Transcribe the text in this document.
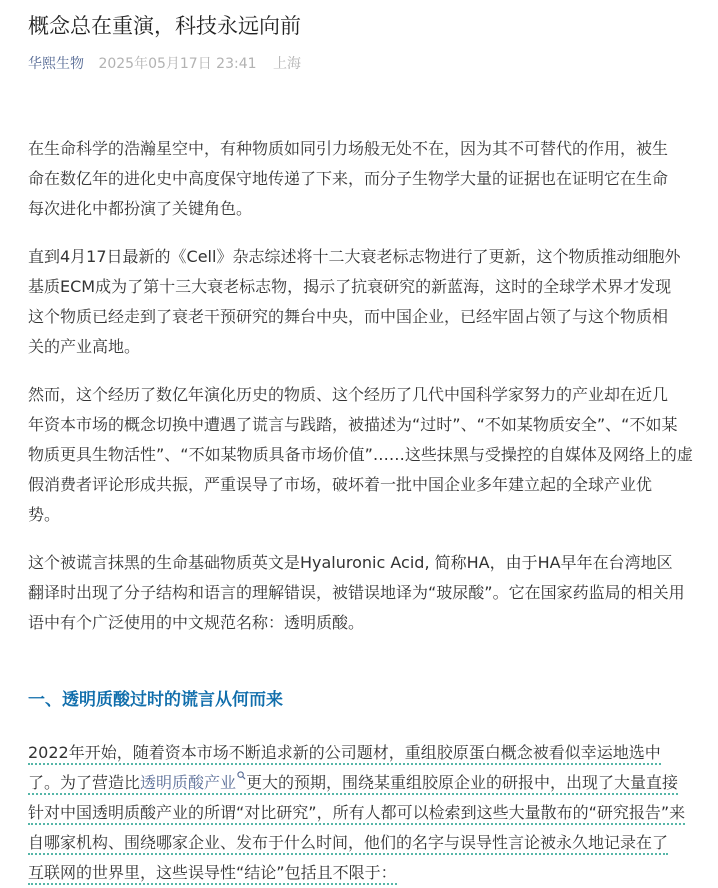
概念总在重演，科技永远向前
华熙生物 2025年05月17日 23:41 上海
在生命科学的浩瀚星空中，有种物质如同引力场般无处不在，因为其不可替代的作用，被生
命在数亿年的进化史中高度保守地传递了下来，而分子生物学大量的证据也在证明它在生命
每次进化中都扮演了关键角色。
直到4月17日最新的《Cell》杂志综述将十二大衰老标志物进行了更新，这个物质推动细胞外
基质ECM成为了第十三大衰老标志物，揭示了抗衰研究的新蓝海，这时的全球学术界才发现
这个物质已经走到了衰老干预研究的舞台中央，而中国企业，已经牢固占领了与这个物质相
关的产业高地。
然而，这个经历了数亿年演化历史的物质、这个经历了几代中国科学家努力的产业却在近几
年资本市场的概念切换中遭遇了谎言与践踏，被描述为“过时”、“不如某物质安全”、“不如某
物质更具生物活性”、“不如某物质具备市场价值”……这些抹黑与受操控的自媒体及网络上的虚
假消费者评论形成共振，严重误导了市场，破坏着一批中国企业多年建立起的全球产业优
势。
这个被谎言抹黑的生命基础物质英文是Hyaluronic Acid, 简称HA，由于HA早年在台湾地区
翻译时出现了分子结构和语言的理解错误，被错误地译为“玻尿酸”。它在国家药监局的相关用
语中有个广泛使用的中文规范名称：透明质酸。
一、透明质酸过时的谎言从何而来
2022年开始，随着资本市场不断追求新的公司题材，重组胶原蛋白概念被看似幸运地选中
了。为了营造比透明质酸产业 更大的预期，围绕某重组胶原企业的研报中，出现了大量直接
针对中国透明质酸产业的所谓“对比研究”，所有人都可以检索到这些大量散布的“研究报告”来
自哪家机构、围绕哪家企业、发布于什么时间，他们的名字与误导性言论被永久地记录在了
互联网的世界里，这些误导性“结论”包括且不限于：
